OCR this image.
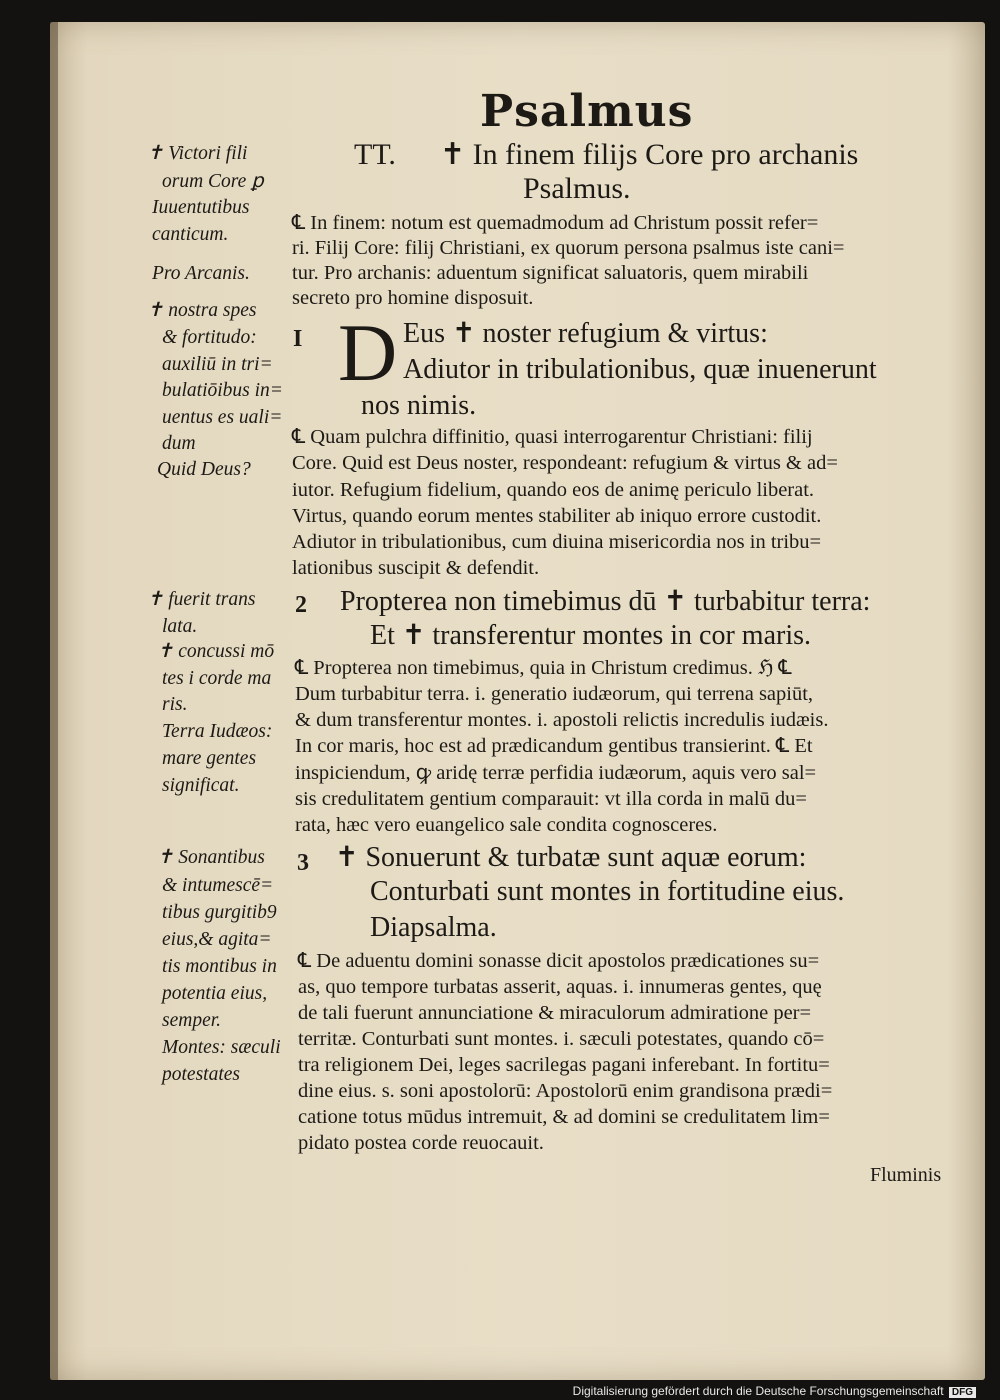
Psalmus
TT. ✝ In finem filijs Core pro archanis
Psalmus.
✝ Victori fili
orum Core ꝑ
Iuuentutibus
canticum.
Pro Arcanis.
✝ nostra spes
& fortitudo:
auxiliū in tri=
bulatiōibus in=
uentus es uali=
dum
Quid Deus?
✝ fuerit trans
lata.
✝ concussi mō
tes i corde ma
ris.
Terra Iudæos:
mare gentes
significat.
✝ Sonantibus
& intumescē=
tibus gurgitib9
eius,& agita=
tis montibus in
potentia eius,
semper.
Montes: sæculi
potestates
℄ In finem: notum est quemadmodum ad Christum possit refer=
ri. Filij Core: filij Christiani, ex quorum persona psalmus iste cani=
tur. Pro archanis: aduentum significat saluatoris, quem mirabili
secreto pro homine disposuit.
I D Eus ✝ noster refugium & virtus:
Adiutor in tribulationibus, quæ inuenerunt
nos nimis.
℄ Quam pulchra diffinitio, quasi interrogarentur Christiani: filij
Core. Quid est Deus noster, respondeant: refugium & virtus & ad=
iutor. Refugium fidelium, quando eos de animę periculo liberat.
Virtus, quando eorum mentes stabiliter ab iniquo errore custodit.
Adiutor in tribulationibus, cum diuina misericordia nos in tribu=
lationibus suscipit & defendit.
2 Propterea non timebimus dū ✝ turbabitur terra:
Et ✝ transferentur montes in cor maris.
℄ Propterea non timebimus, quia in Christum credimus. ℌ ℄
Dum turbabitur terra. i. generatio iudæorum, qui terrena sapiūt,
& dum transferentur montes. i. apostoli relictis incredulis iudæis.
In cor maris, hoc est ad prædicandum gentibus transierint. ℄ Et
inspiciendum, ꝙ aridę terræ perfidia iudæorum, aquis vero sal=
sis credulitatem gentium comparauit: vt illa corda in malū du=
rata, hæc vero euangelico sale condita cognosceres.
3 ✝ Sonuerunt & turbatæ sunt aquæ eorum:
Conturbati sunt montes in fortitudine eius.
Diapsalma.
℄ De aduentu domini sonasse dicit apostolos prædicationes su=
as, quo tempore turbatas asserit, aquas. i. innumeras gentes, quę
de tali fuerunt annunciatione & miraculorum admiratione per=
territæ. Conturbati sunt montes. i. sæculi potestates, quando cō=
tra religionem Dei, leges sacrilegas pagani inferebant. In fortitu=
dine eius. s. soni apostolorū: Apostolorū enim grandisona prædi=
catione totus mūdus intremuit, & ad domini se credulitatem lim=
pidato postea corde reuocauit.
Fluminis
Digitalisierung gefördert durch die Deutsche Forschungsgemeinschaft DFG
